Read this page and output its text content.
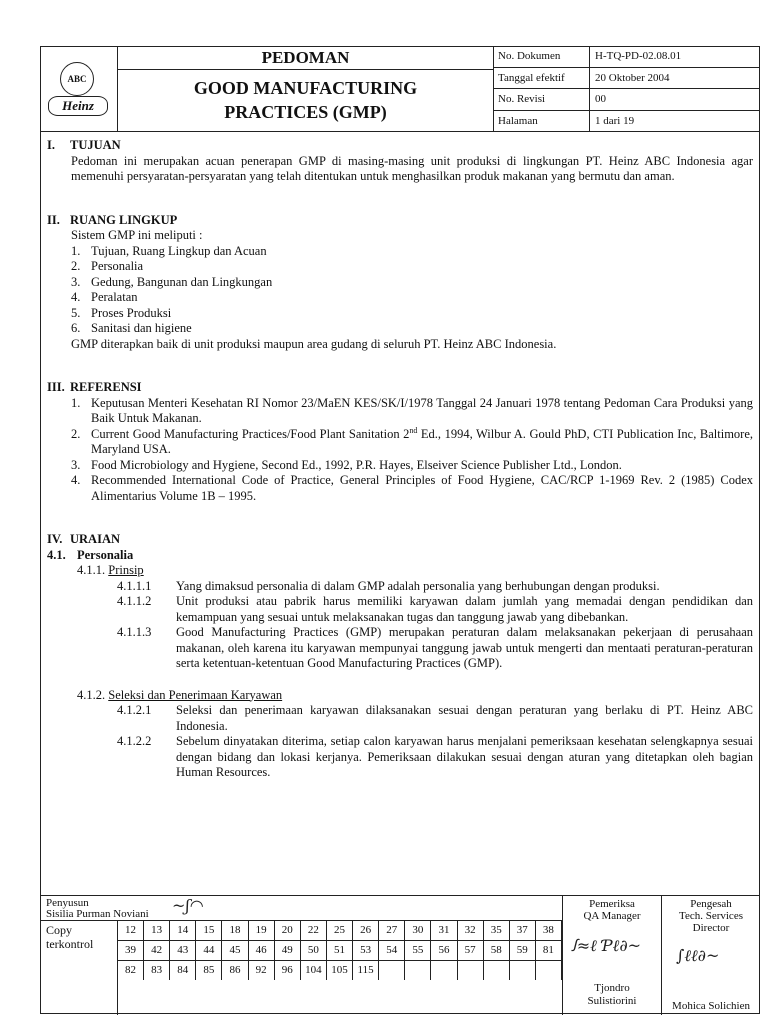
ABC
Heinz
PEDOMAN
GOOD MANUFACTURING
PRACTICES (GMP)
No. Dokumen	H-TQ-PD-02.08.01
Tanggal efektif	20 Oktober 2004
No. Revisi	00
Halaman	1 dari 19
I. TUJUAN
Pedoman ini merupakan acuan penerapan GMP di masing-masing unit produksi di lingkungan PT. Heinz ABC Indonesia agar memenuhi persyaratan-persyaratan yang telah ditentukan untuk menghasilkan produk makanan yang bermutu dan aman.
II. RUANG LINGKUP
Sistem GMP ini meliputi :
1. Tujuan, Ruang Lingkup dan Acuan
2. Personalia
3. Gedung, Bangunan dan Lingkungan
4. Peralatan
5. Proses Produksi
6. Sanitasi dan higiene
GMP diterapkan baik di unit produksi maupun area gudang di seluruh PT. Heinz ABC Indonesia.
III. REFERENSI
1. Keputusan Menteri Kesehatan RI Nomor 23/MaEN KES/SK/I/1978 Tanggal 24 Januari 1978 tentang Pedoman Cara Produksi yang Baik Untuk Makanan.
2. Current Good Manufacturing Practices/Food Plant Sanitation 2nd Ed., 1994, Wilbur A. Gould PhD, CTI Publication Inc, Baltimore, Maryland USA.
3. Food Microbiology and Hygiene, Second Ed., 1992, P.R. Hayes, Elseiver Science Publisher Ltd., London.
4. Recommended International Code of Practice, General Principles of Food Hygiene, CAC/RCP 1-1969 Rev. 2 (1985) Codex Alimentarius Volume 1B – 1995.
IV. URAIAN
4.1. Personalia
4.1.1. Prinsip
4.1.1.1 Yang dimaksud personalia di dalam GMP adalah personalia yang berhubungan dengan produksi.
4.1.1.2 Unit produksi atau pabrik harus memiliki karyawan dalam jumlah yang memadai dengan pendidikan dan kemampuan yang sesuai untuk melaksanakan tugas dan tanggung jawab yang dibebankan.
4.1.1.3 Good Manufacturing Practices (GMP) merupakan peraturan dalam melaksanakan pekerjaan di perusahaan makanan, oleh karena itu karyawan mempunyai tanggung jawab untuk mengerti dan mentaati peraturan-peraturan serta ketentuan-ketentuan Good Manufacturing Practices (GMP).
4.1.2. Seleksi dan Penerimaan Karyawan
4.1.2.1 Seleksi dan penerimaan karyawan dilaksanakan sesuai dengan peraturan yang berlaku di PT. Heinz ABC Indonesia.
4.1.2.2 Sebelum dinyatakan diterima, setiap calon karyawan harus menjalani pemeriksaan kesehatan selengkapnya sesuai dengan bidang dan lokasi kerjanya. Pemeriksaan dilakukan sesuai dengan aturan yang ditetapkan oleh bagian Human Resources.
Penyusun
Sisilia Purman Noviani ~ʃ◠
Copy
terkontrol
12	13	14	15	18	19	20	22	25	26	27	30	31	32	35	37	38
39	42	43	44	45	46	49	50	51	53	54	55	56	57	58	59	81
82	83	84	85	86	92	96	104 105 115
Pemeriksa
QA Manager
ꭍ≈ℓ Ƥℓ∂~
Tjondro
Sulistiorini
Pengesah
Tech. Services
Director
∫ℓℓ∂~
Mohica Solichien
